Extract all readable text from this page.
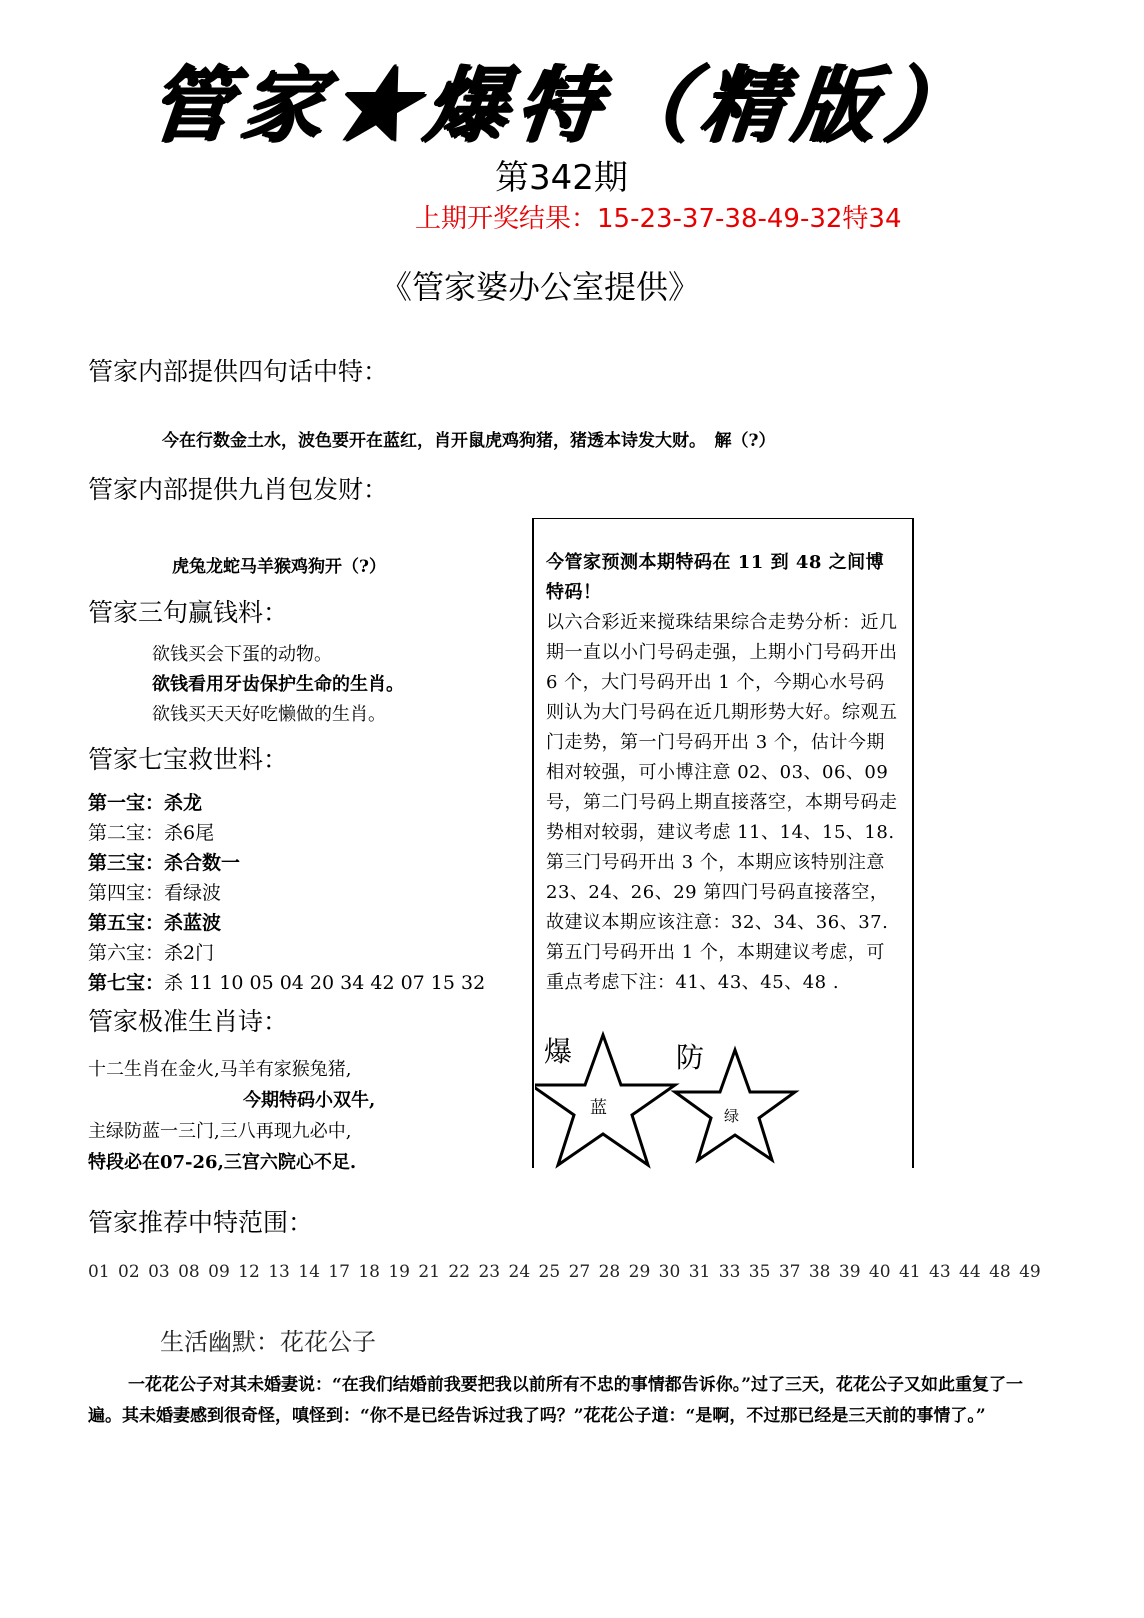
管家★爆特（精版）
第342期
上期开奖结果：15-23-37-38-49-32特34
《管家婆办公室提供》
管家内部提供四句话中特：
今在行数金土水，波色要开在蓝红，肖开鼠虎鸡狗猪，猪透本诗发大财。　解（?）
管家内部提供九肖包发财：
虎兔龙蛇马羊猴鸡狗开（?）
管家三句赢钱料：
欲钱买会下蛋的动物。
欲钱看用牙齿保护生命的生肖。
欲钱买天天好吃懒做的生肖。
管家七宝救世料：
第一宝：杀龙
第二宝：杀6尾
第三宝：杀合数一
第四宝：看绿波
第五宝：杀蓝波
第六宝：杀2门
第七宝：杀 11 10 05 04 20 34 42 07 15 32
管家极准生肖诗：
十二生肖在金火,马羊有家猴兔猪,
今期特码小双牛,
主绿防蓝一三门,三八再现九必中,
特段必在07-26,三宫六院心不足.

今管家预测本期特码在 11 到 48 之间博特码！

以六合彩近来搅珠结果综合走势分析：近几期一直以小门号码走强，上期小门号码开出 6 个，大门号码开出 1 个，今期心水号码则认为大门号码在近几期形势大好。综观五门走势，第一门号码开出 3 个，估计今期相对较强，可小博注意 02、03、06、09 号，第二门号码上期直接落空，本期号码走势相对较弱，建议考虑 11、14、15、18. 第三门号码开出 3 个，本期应该特别注意 23、24、26、29 第四门号码直接落空，故建议本期应该注意：32、34、36、37. 第五门号码开出 1 个，本期建议考虑，可重点考虑下注：41、43、45、48 .

爆	防
蓝	绿
管家推荐中特范围：
01 02 03 08 09 12 13 14 17 18 19 21 22 23 24 25 27 28 29 30 31 33 35 37 38 39 40 41 43 44 48 49
生活幽默：花花公子
一花花公子对其未婚妻说：“在我们结婚前我要把我以前所有不忠的事情都告诉你。”过了三天，花花公子又如此重复了一遍。其未婚妻感到很奇怪，嗔怪到：“你不是已经告诉过我了吗？”花花公子道：“是啊，不过那已经是三天前的事情了。”
